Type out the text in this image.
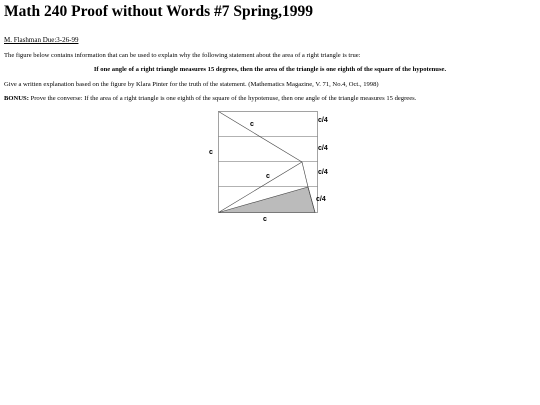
Math 240 Proof without Words #7 Spring,1999
M. Flashman Due:3-26-99
The figure below contains information that can be used to explain why the following statement about the area of a right triangle is true:
If one angle of a right triangle measures 15 degrees, then the area of the triangle is one eighth of the square of the hypotenuse.
Give a written explanation based on the figure by Klara Pinter for the truth of the statement. (Mathematics Magazine, V. 71, No.4, Oct., 1998)
BONUS: Prove the converse: If the area of a right triangle is one eighth of the square of the hypotenuse, then one angle of the triangle measures 15 degrees.
c
c
c
c
c/4
c/4
c/4
c/4
